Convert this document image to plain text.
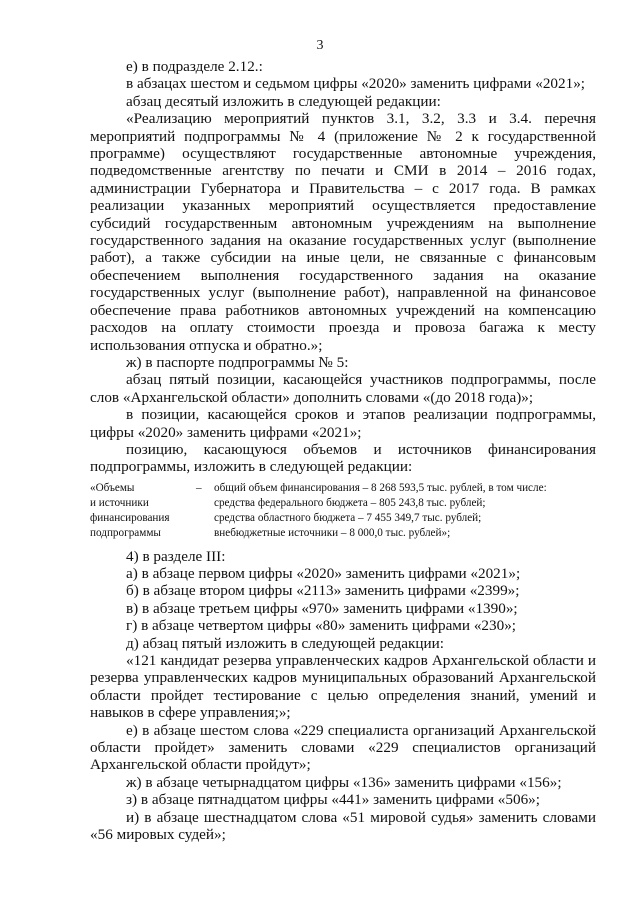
3

е) в подразделе 2.12.:

в абзацах шестом и седьмом цифры «2020» заменить цифрами «2021»;

абзац десятый изложить в следующей редакции:

«Реализацию мероприятий пунктов 3.1, 3.2, 3.3 и 3.4. перечня мероприятий подпрограммы № 4 (приложение № 2 к государственной программе) осуществляют государственные автономные учреждения, подведомственные агентству по печати и СМИ в 2014 – 2016 годах, администрации Губернатора и Правительства – с 2017 года. В рамках реализации указанных мероприятий осуществляется предоставление субсидий государственным автономным учреждениям на выполнение государственного задания на оказание государственных услуг (выполнение работ), а также субсидии на иные цели, не связанные с финансовым обеспечением выполнения государственного задания на оказание государственных услуг (выполнение работ), направленной на финансовое обеспечение права работников автономных учреждений на компенсацию расходов на оплату стоимости проезда и провоза багажа к месту использования отпуска и обратно.»;

ж) в паспорте подпрограммы № 5:

абзац пятый позиции, касающейся участников подпрограммы, после слов «Архангельской области» дополнить словами «(до 2018 года)»;

в позиции, касающейся сроков и этапов реализации подпрограммы, цифры «2020» заменить цифрами «2021»;

позицию, касающуюся объемов и источников финансирования подпрограммы, изложить в следующей редакции:

«Объемы
и источники
финансирования
подпрограммы
–	общий объем финансирования – 8 268 593,5 тыс. рублей, в том числе:
средства федерального бюджета – 805 243,8 тыс. рублей;
средства областного бюджета – 7 455 349,7 тыс. рублей;
внебюджетные источники – 8 000,0 тыс. рублей»;

4) в разделе III:

а) в абзаце первом цифры «2020» заменить цифрами «2021»;

б) в абзаце втором цифры «2113» заменить цифрами «2399»;

в) в абзаце третьем цифры «970» заменить цифрами «1390»;

г) в абзаце четвертом цифры «80» заменить цифрами «230»;

д) абзац пятый изложить в следующей редакции:

«121 кандидат резерва управленческих кадров Архангельской области и резерва управленческих кадров муниципальных образований Архангельской области пройдет тестирование с целью определения знаний, умений и навыков в сфере управления;»;

е) в абзаце шестом слова «229 специалиста организаций Архангельской области пройдет» заменить словами «229 специалистов организаций Архангельской области пройдут»;

ж) в абзаце четырнадцатом цифры «136» заменить цифрами «156»;

з) в абзаце пятнадцатом цифры «441» заменить цифрами «506»;

и) в абзаце шестнадцатом слова «51 мировой судья» заменить словами «56 мировых судей»;
